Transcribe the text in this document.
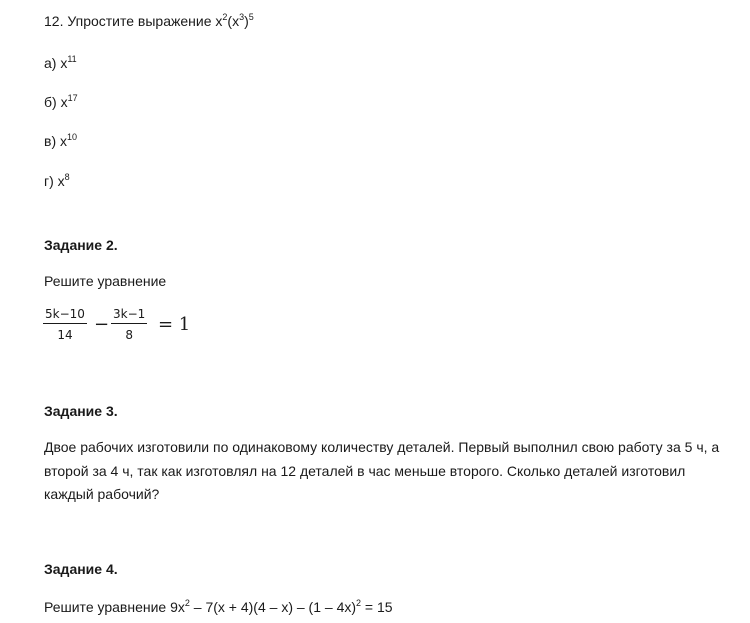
12. Упростите выражение $x^2(x^3)^5$
а) $x^{11}$
б) $x^{17}$
в) $x^{10}$
г) $x^8$
Задание 2.
Решите уравнение
5k−10
14 − 3k−1
8 = 1
Задание 3.
Двое рабочих изготовили по одинаковому количеству деталей. Первый выполнил свою работу за 5 ч, а второй за 4 ч, так как изготовлял на 12 деталей в час меньше второго. Сколько деталей изготовил каждый рабочий?
Задание 4.
Решите уравнение $9x^2 - 7(x + 4)(4 - x) - (1 - 4x)^2 = 15$
